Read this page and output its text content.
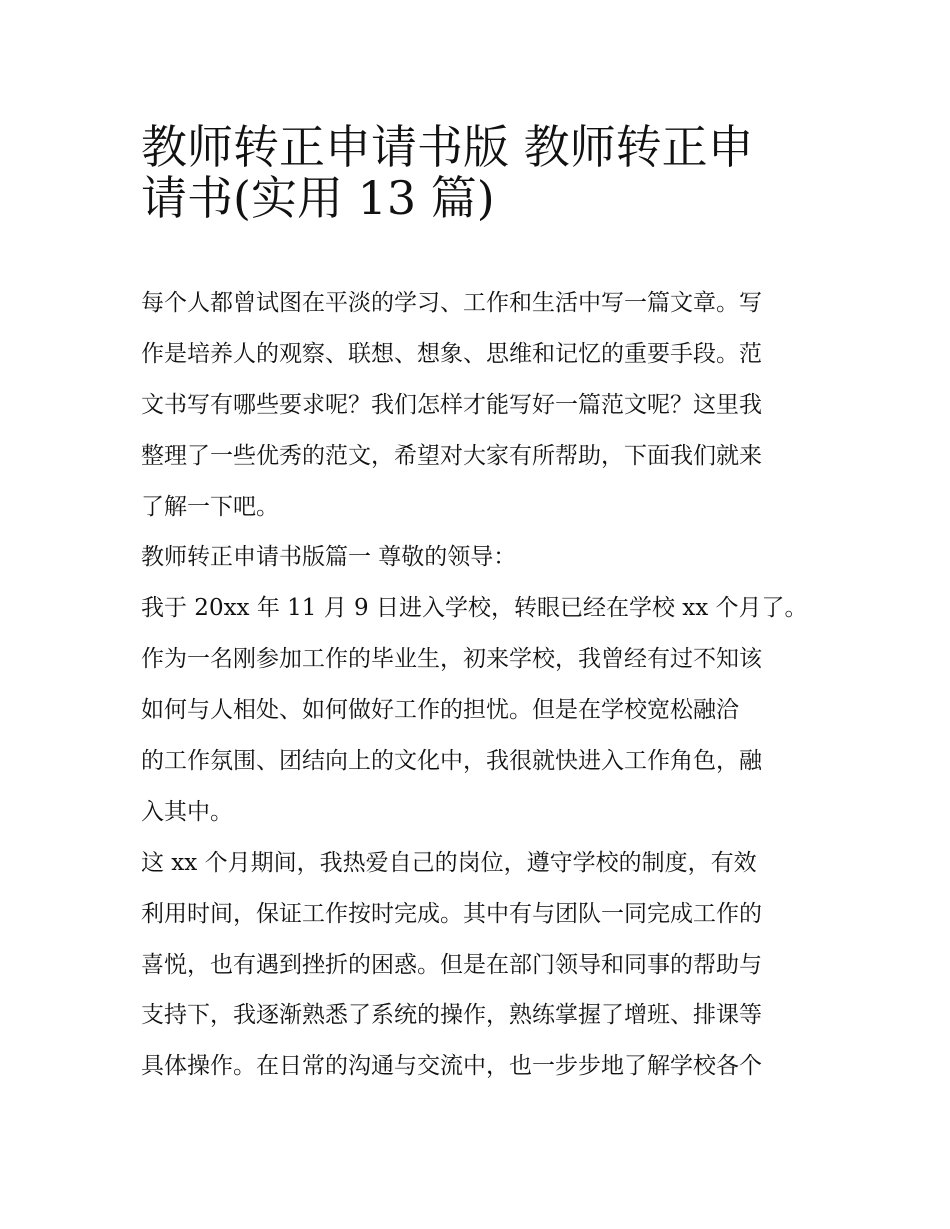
教师转正申请书版 教师转正申
请书(实用 13 篇)

每个人都曾试图在平淡的学习、工作和生活中写一篇文章。写
作是培养人的观察、联想、想象、思维和记忆的重要手段。范
文书写有哪些要求呢？我们怎样才能写好一篇范文呢？这里我
整理了一些优秀的范文，希望对大家有所帮助，下面我们就来
了解一下吧。

教师转正申请书版篇一 尊敬的领导：

我于 20xx 年 11 月 9 日进入学校，转眼已经在学校 xx 个月了。
作为一名刚参加工作的毕业生，初来学校，我曾经有过不知该
如何与人相处、如何做好工作的担忧。但是在学校宽松融洽
的工作氛围、团结向上的文化中，我很就快进入工作角色，融
入其中。

这 xx 个月期间，我热爱自己的岗位，遵守学校的制度，有效
利用时间，保证工作按时完成。其中有与团队一同完成工作的
喜悦，也有遇到挫折的困惑。但是在部门领导和同事的帮助与
支持下，我逐渐熟悉了系统的操作，熟练掌握了增班、排课等
具体操作。在日常的沟通与交流中，也一步步地了解学校各个
